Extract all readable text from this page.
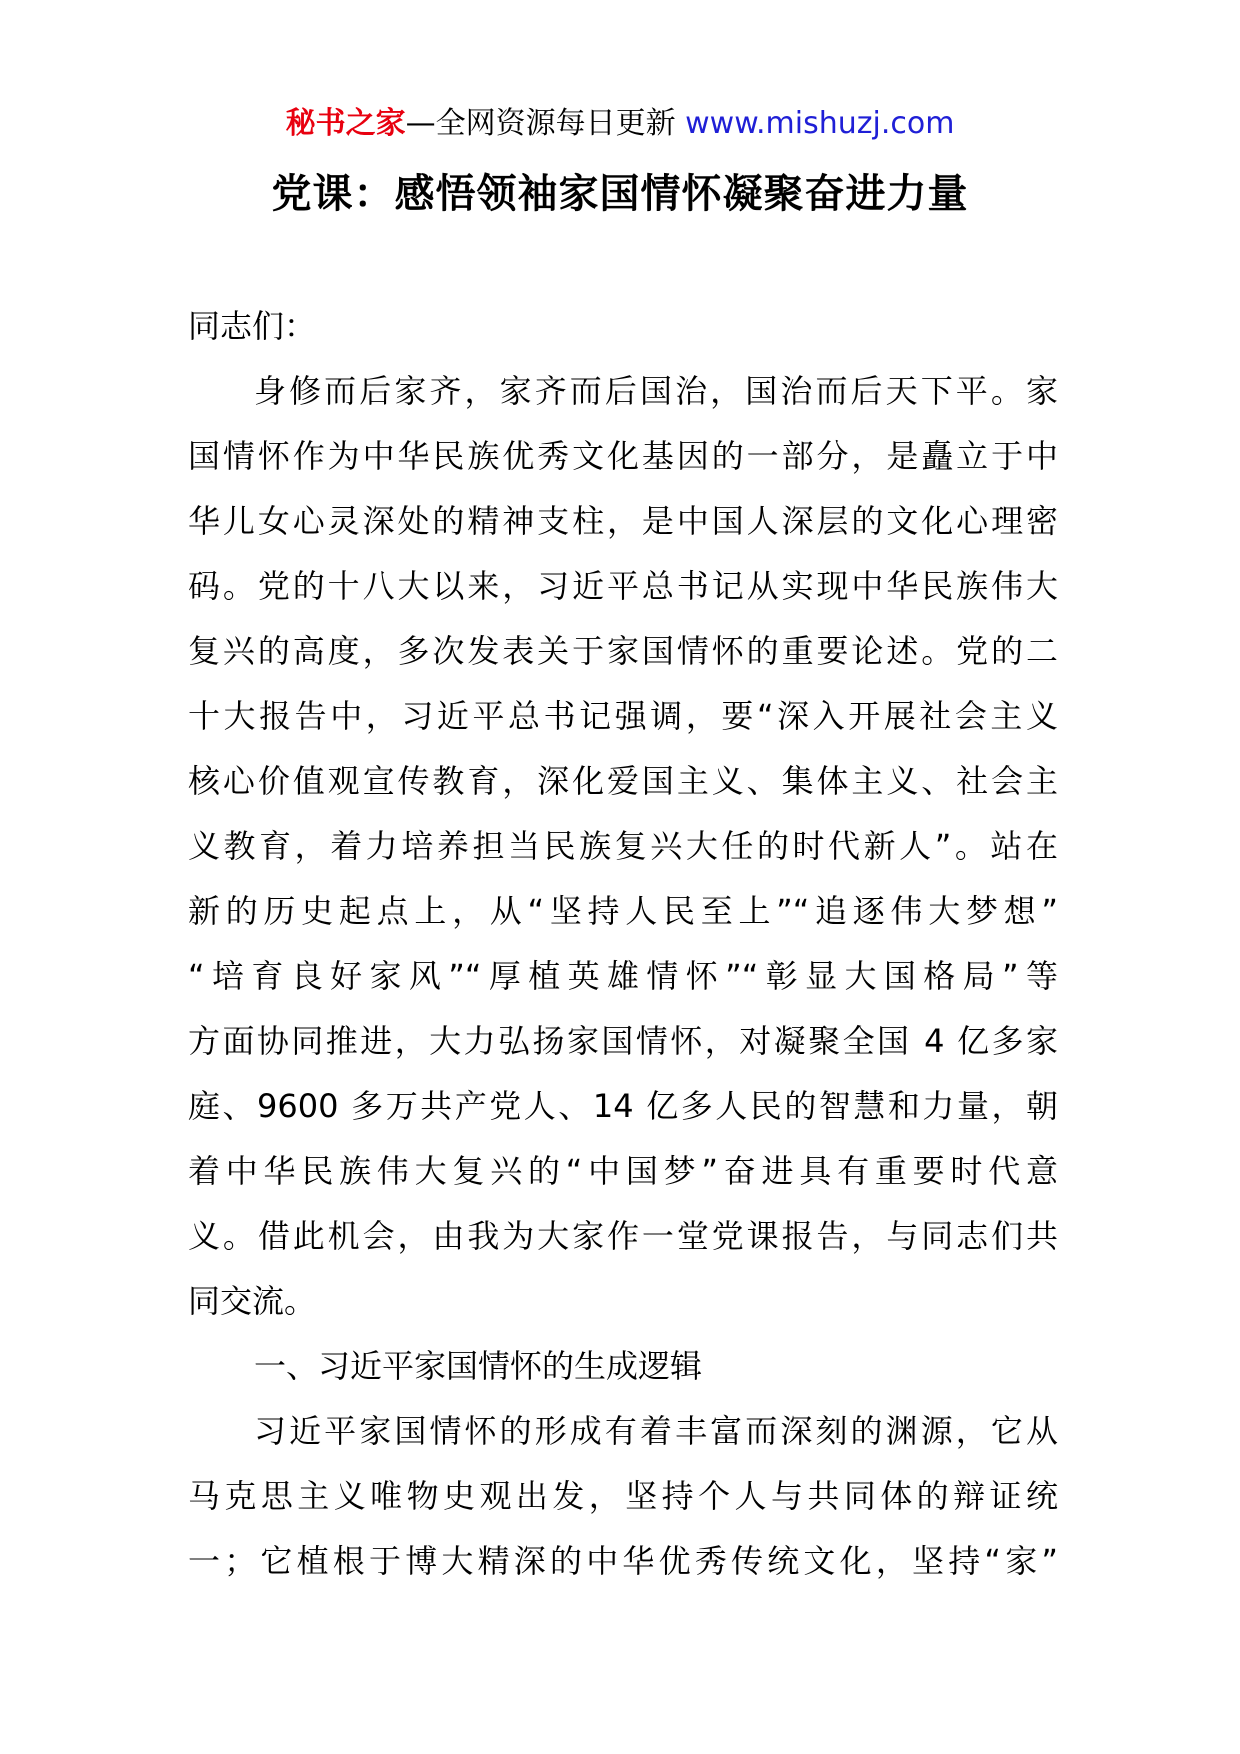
秘书之家—全网资源每日更新 www.mishuzj.com
党课：感悟领袖家国情怀凝聚奋进力量
同志们：
身修而后家齐，家齐而后国治，国治而后天下平。家
国情怀作为中华民族优秀文化基因的一部分，是矗立于中
华儿女心灵深处的精神支柱，是中国人深层的文化心理密
码。党的十八大以来，习近平总书记从实现中华民族伟大
复兴的高度，多次发表关于家国情怀的重要论述。党的二
十大报告中，习近平总书记强调，要“深入开展社会主义
核心价值观宣传教育，深化爱国主义、集体主义、社会主
义教育，着力培养担当民族复兴大任的时代新人”。站在
新的历史起点上，从“坚持人民至上”“追逐伟大梦想”
“培育良好家风”“厚植英雄情怀”“彰显大国格局”等
方面协同推进，大力弘扬家国情怀，对凝聚全国 4 亿多家
庭、9600 多万共产党人、14 亿多人民的智慧和力量，朝
着中华民族伟大复兴的“中国梦”奋进具有重要时代意
义。借此机会，由我为大家作一堂党课报告，与同志们共
同交流。
一、习近平家国情怀的生成逻辑
习近平家国情怀的形成有着丰富而深刻的渊源，它从
马克思主义唯物史观出发，坚持个人与共同体的辩证统
一；它植根于博大精深的中华优秀传统文化，坚持“家”
